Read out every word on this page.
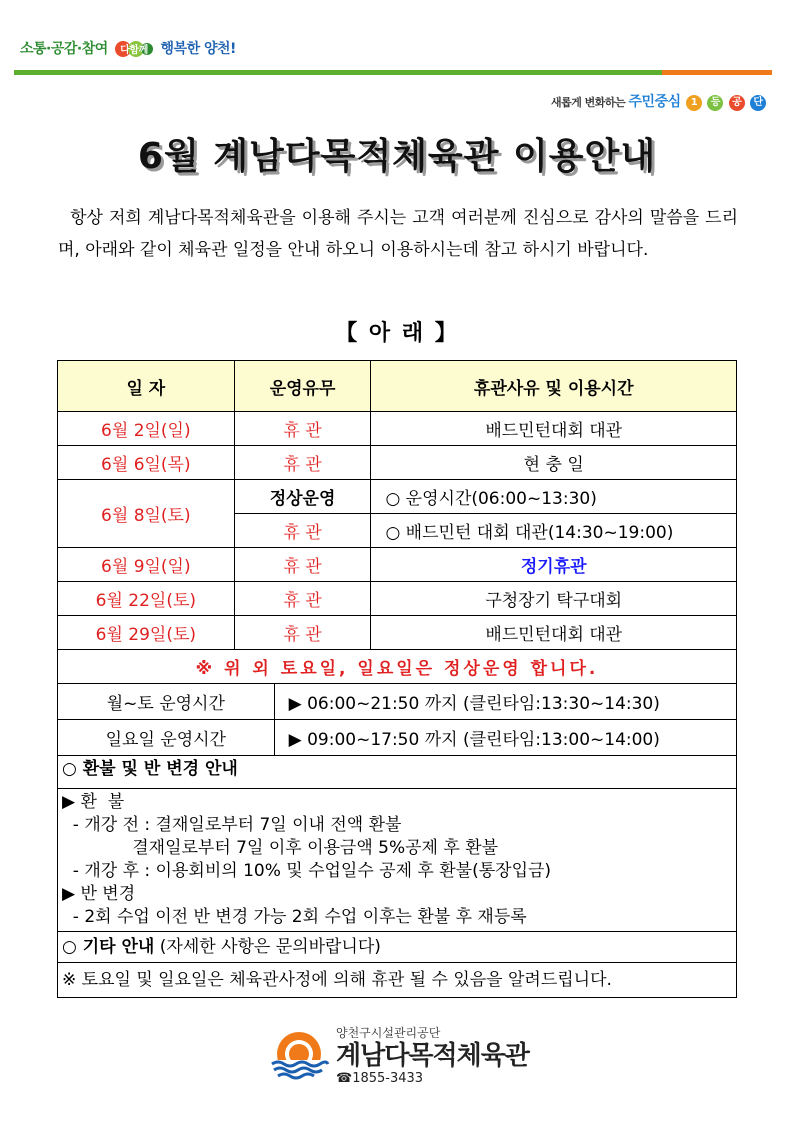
소통·공감·참여 다함께 행복한 양천!
새롭게 변화하는 주민중심 1 등 공 단
6월 계남다목적체육관 이용안내
항상 저희 계남다목적체육관을 이용해 주시는 고객 여러분께 진심으로 감사의 말씀을 드리며, 아래와 같이 체육관 일정을 안내 하오니 이용하시는데 참고 하시기 바랍니다.
【 아 래 】
일 자	운영유무		휴관사유 및 이용시간
6월 2일(일)	휴 관		배드민턴대회 대관
6월 6일(목)	휴 관		현 충 일
6월 8일(토)	정상운영		○ 운영시간(06:00~13:30)
	휴 관		○ 배드민턴 대회 대관(14:30~19:00)
6월 9일(일)	휴 관		정기휴관
6월 22일(토)	휴 관		구청장기 탁구대회
6월 29일(토)	휴 관		배드민턴대회 대관
※ 위 외 토요일, 일요일은 정상운영 합니다.			
월~토 운영시간		▶ 06:00~21:50 까지 (클린타임:13:30~14:30)	
일요일 운영시간		▶ 09:00~17:50 까지 (클린타임:13:00~14:00)	
○ 환불 및 반 변경 안내
▶ 환  불
- 개강 전 : 결재일로부터 7일 이내 전액 환불
결재일로부터 7일 이후 이용금액 5%공제 후 환불
- 개강 후 : 이용회비의 10% 및 수업일수 공제 후 환불(통장입금)
▶ 반 변경
- 2회 수업 이전 반 변경 가능 2회 수업 이후는 환불 후 재등록
○ 기타 안내 (자세한 사항은 문의바랍니다)
※ 토요일 및 일요일은 체육관사정에 의해 휴관 될 수 있음을 알려드립니다.
양천구시설관리공단
계남다목적체육관
☎1855-3433
